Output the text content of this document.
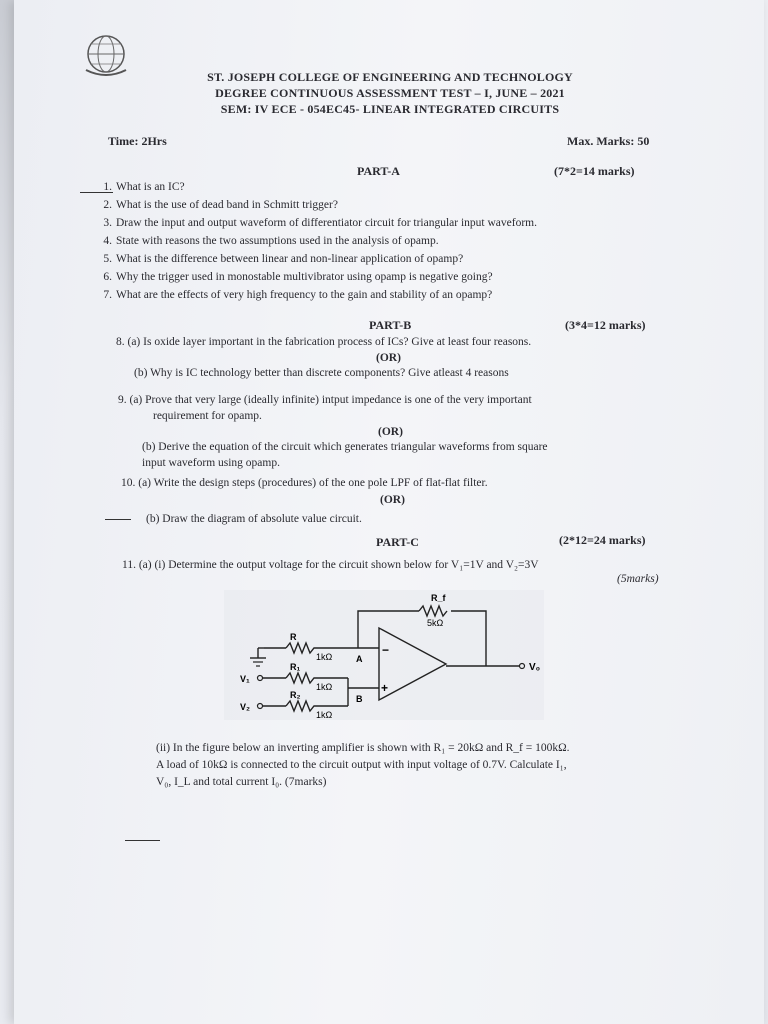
ST. JOSEPH COLLEGE OF ENGINEERING AND TECHNOLOGY
DEGREE CONTINUOUS ASSESSMENT TEST – I, JUNE – 2021
SEM: IV ECE - 054EC45- LINEAR INTEGRATED CIRCUITS
Time: 2Hrs	Max. Marks: 50
PART-A	(7*2=14 marks)
1. What is an IC?
2. What is the use of dead band in Schmitt trigger?
3. Draw the input and output waveform of differentiator circuit for triangular input waveform.
4. State with reasons the two assumptions used in the analysis of opamp.
5. What is the difference between linear and non-linear application of opamp?
6. Why the trigger used in monostable multivibrator using opamp is negative going?
7. What are the effects of very high frequency to the gain and stability of an opamp?
PART-B	(3*4=12 marks)
8. (a) Is oxide layer important in the fabrication process of ICs? Give at least four reasons.
(OR)
(b) Why is IC technology better than discrete components? Give atleast 4 reasons
9. (a) Prove that very large (ideally infinite) intput impedance is one of the very important
requirement for opamp.
(OR)
(b) Derive the equation of the circuit which generates triangular waveforms from square
input waveform using opamp.
10. (a) Write the design steps (procedures) of the one pole LPF of flat-flat filter.
(OR)
(b) Draw the diagram of absolute value circuit.
PART-C	(2*12=24 marks)
11. (a) (i) Determine the output voltage for the circuit shown below for V₁=1V and V₂=3V
(5marks)
R_f
5kΩ
−
+
V₀
A
R
1kΩ
V₁
R₁
1kΩ
V₂
R₂
1kΩ
B
(ii) In the figure below an inverting amplifier is shown with R₁ = 20kΩ and R_f = 100kΩ.
A load of 10kΩ is connected to the circuit output with input voltage of 0.7V. Calculate I₁,
V₀, I_L and total current I₀. (7marks)
